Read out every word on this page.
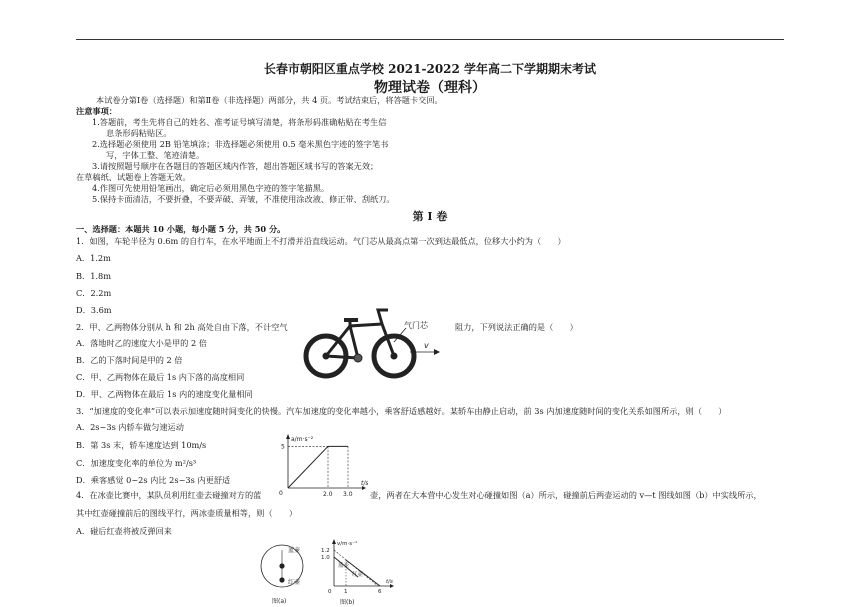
长春市朝阳区重点学校 2021-2022 学年高二下学期期末考试
物理试卷（理科）
本试卷分第Ⅰ卷（选择题）和第Ⅱ卷（非选择题）两部分，共 4 页。考试结束后，将答题卡交回。
注意事项：
1.答题前，考生先将自己的姓名、准考证号填写清楚，将条形码准确粘贴在考生信
息条形码粘贴区。
2.选择题必须使用 2B 铅笔填涂；非选择题必须使用 0.5 毫米黑色字迹的签字笔书
写，字体工整、笔迹清楚。
3.请按照题号顺序在各题目的答题区域内作答，超出答题区域书写的答案无效；
在草稿纸、试题卷上答题无效。
4.作图可先使用铅笔画出，确定后必须用黑色字迹的签字笔描黑。
5.保持卡面清洁，不要折叠，不要弄破、弄皱，不准使用涂改液、修正带、刮纸刀。
第 I 卷
一、选择题：本题共 10 小题，每小题 5 分，共 50 分。
1．如图，车轮半径为 0.6m 的自行车，在水平地面上不打滑并沿直线运动。气门芯从最高点第一次到达最低点，位移大小约为（　　）
A．1.2m
B．1.8m
C．2.2m
D．3.6m
2．甲、乙两物体分别从 h 和 2h 高处自由下落，不计空气	阻力，下列说法正确的是（　　）
A．落地时乙的速度大小是甲的 2 倍
B．乙的下落时间是甲的 2 倍
C．甲、乙两物体在最后 1s 内下落的高度相同
D．甲、乙两物体在最后 1s 内的速度变化量相同
气门芯
v
3．“加速度的变化率”可以表示加速度随时间变化的快慢。汽车加速度的变化率越小，乘客舒适感越好。某轿车由静止启动，前 3s 内加速度随时间的变化关系如图所示，则（　　）
A．2s~3s 内轿车做匀速运动
B．第 3s 末，轿车速度达到 10m/s
C．加速度变化率的单位为 m²/s³
D．乘客感觉 0~2s 内比 2s~3s 内更舒适
a/m·s⁻²
t/s
0
5
2.0 3.0
4．在冰壶比赛中，某队员利用红壶去碰撞对方的蓝	壶，两者在大本营中心发生对心碰撞如图（a）所示，碰撞前后两壶运动的 v—t 图线如图（b）中实线所示，
其中红壶碰撞前后的图线平行，两冰壶质量相等，则（　　）
A．碰后红壶将被反弹回来
蓝壶
红壶
图(a)
v/m·s⁻¹
1.2
1.0
蓝壶
红壶
0 1	6
t/s
图(b)
